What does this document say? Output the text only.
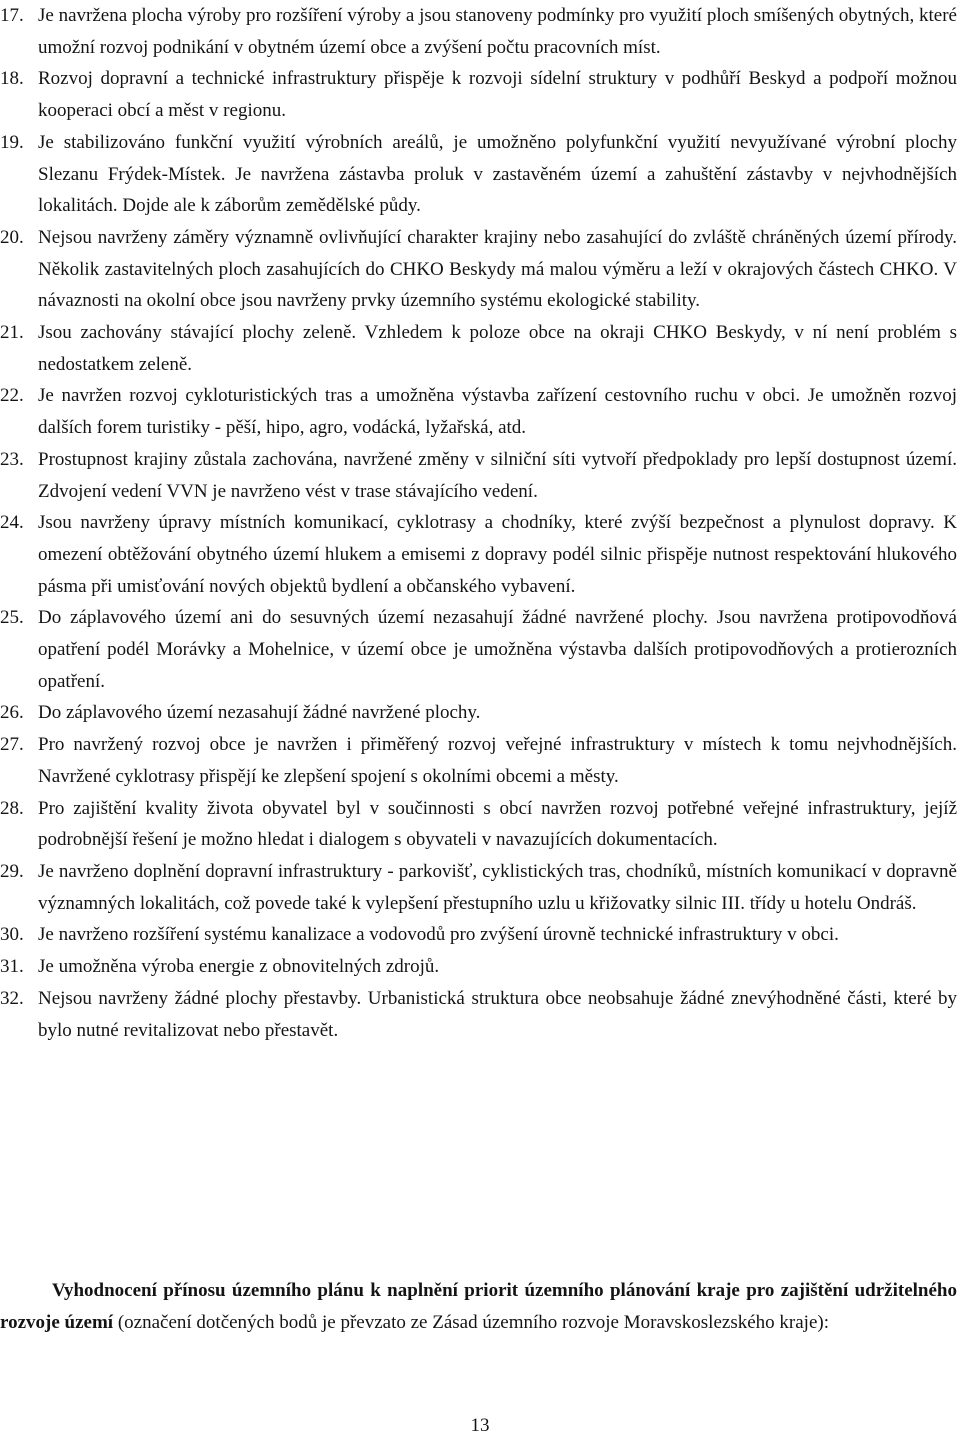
17. Je navržena plocha výroby pro rozšíření výroby a jsou stanoveny podmínky pro využití ploch smíšených obytných, které umožní rozvoj podnikání v obytném území obce a zvýšení počtu pracovních míst.
18. Rozvoj dopravní a technické infrastruktury přispěje k rozvoji sídelní struktury v podhůří Beskyd a podpoří možnou kooperaci obcí a měst v regionu.
19. Je stabilizováno funkční využití výrobních areálů, je umožněno polyfunkční využití nevyužívané výrobní plochy Slezanu Frýdek-Místek. Je navržena zástavba proluk v zastavěném území a zahuštění zástavby v nejvhodnějších lokalitách. Dojde ale k záborům zemědělské půdy.
20. Nejsou navrženy záměry významně ovlivňující charakter krajiny nebo zasahující do zvláště chráněných území přírody. Několik zastavitelných ploch zasahujících do CHKO Beskydy má malou výměru a leží v okrajových částech CHKO. V návaznosti na okolní obce jsou navrženy prvky územního systému ekologické stability.
21. Jsou zachovány stávající plochy zeleně. Vzhledem k poloze obce na okraji CHKO Beskydy, v ní není problém s nedostatkem zeleně.
22. Je navržen rozvoj cykloturistických tras a umožněna výstavba zařízení cestovního ruchu v obci. Je umožněn rozvoj dalších forem turistiky - pěší, hipo, agro, vodácká, lyžařská, atd.
23. Prostupnost krajiny zůstala zachována, navržené změny v silniční síti vytvoří předpoklady pro lepší dostupnost území. Zdvojení vedení VVN je navrženo vést v trase stávajícího vedení.
24. Jsou navrženy úpravy místních komunikací, cyklotrasy a chodníky, které zvýší bezpečnost a plynulost dopravy. K omezení obtěžování obytného území hlukem a emisemi z dopravy podél silnic přispěje nutnost respektování hlukového pásma při umisťování nových objektů bydlení a občanského vybavení.
25. Do záplavového území ani do sesuvných území nezasahují žádné navržené plochy. Jsou navržena protipovodňová opatření podél Morávky a Mohelnice, v území obce je umožněna výstavba dalších protipovodňových a protierozních opatření.
26. Do záplavového území nezasahují žádné navržené plochy.
27. Pro navržený rozvoj obce je navržen i přiměřený rozvoj veřejné infrastruktury v místech k tomu nejvhodnějších. Navržené cyklotrasy přispějí ke zlepšení spojení s okolními obcemi a městy.
28. Pro zajištění kvality života obyvatel byl v součinnosti s obcí navržen rozvoj potřebné veřejné infrastruktury, jejíž podrobnější řešení je možno hledat i dialogem s obyvateli v navazujících dokumentacích.
29. Je navrženo doplnění dopravní infrastruktury - parkovišť, cyklistických tras, chodníků, místních komunikací v dopravně významných lokalitách, což povede také k vylepšení přestupního uzlu u křižovatky silnic III. třídy u hotelu Ondráš.
30. Je navrženo rozšíření systému kanalizace a vodovodů pro zvýšení úrovně technické infrastruktury v obci.
31. Je umožněna výroba energie z obnovitelných zdrojů.
32. Nejsou navrženy žádné plochy přestavby. Urbanistická struktura obce neobsahuje žádné znevýhodněné části, které by bylo nutné revitalizovat nebo přestavět.

Vyhodnocení přínosu územního plánu k naplnění priorit územního plánování kraje pro zajištění udržitelného rozvoje území (označení dotčených bodů je převzato ze Zásad územního rozvoje Moravskoslezského kraje):

13
